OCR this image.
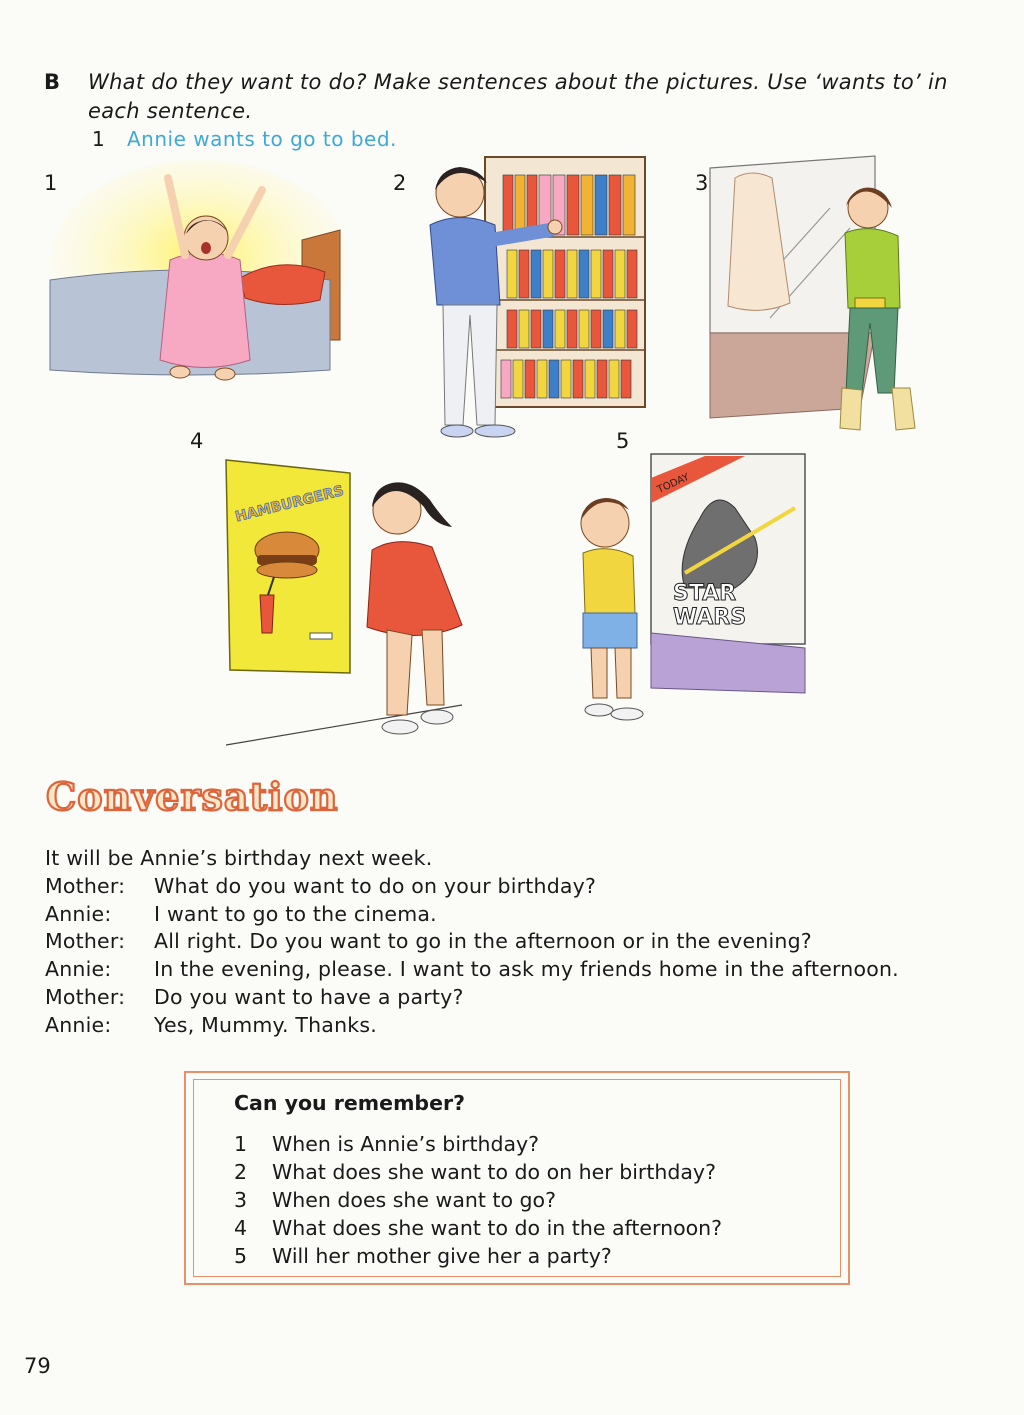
B What do they want to do? Make sentences about the pictures. Use ‘wants to’ in each sentence.
1 Annie wants to go to bed.
1	2	3
4	5
HAMBURGERS	TODAY
STAR
WARS
Conversation
It will be Annie’s birthday next week.
Mother:	What do you want to do on your birthday?
Annie:	I want to go to the cinema.
Mother:	All right. Do you want to go in the afternoon or in the evening?
Annie:	In the evening, please. I want to ask my friends home in the afternoon.
Mother:	Do you want to have a party?
Annie:	Yes, Mummy. Thanks.
Can you remember?
1	When is Annie’s birthday?
2	What does she want to do on her birthday?
3	When does she want to go?
4	What does she want to do in the afternoon?
5	Will her mother give her a party?
79
